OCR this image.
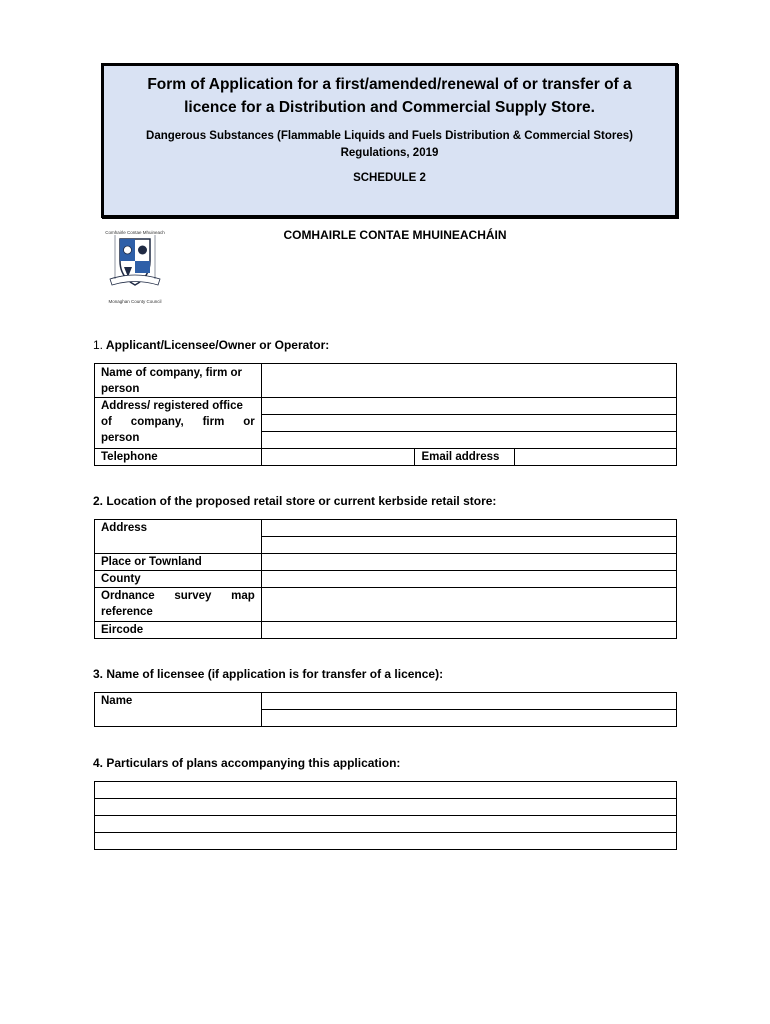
Form of Application for a first/amended/renewal of or transfer of a licence for a Distribution and Commercial Supply Store.
Dangerous Substances (Flammable Liquids and Fuels Distribution & Commercial Stores) Regulations, 2019
SCHEDULE 2
Comhairle Contae Mhuineach
Monaghan County Council
COMHAIRLE CONTAE MHUINEACHÁIN
1. Applicant/Licensee/Owner or Operator:
Name of company, firm or
person			

Address/ registered office
of company, firm or
person			

Telephone		Email address	
2. Location of the proposed retail store or current kerbside retail store:
Address	

Place or Townland	
County	

Ordnance survey map
reference	

Eircode	
3. Name of licensee (if application is for transfer of a licence):
Name	

4. Particulars of plans accompanying this application:
